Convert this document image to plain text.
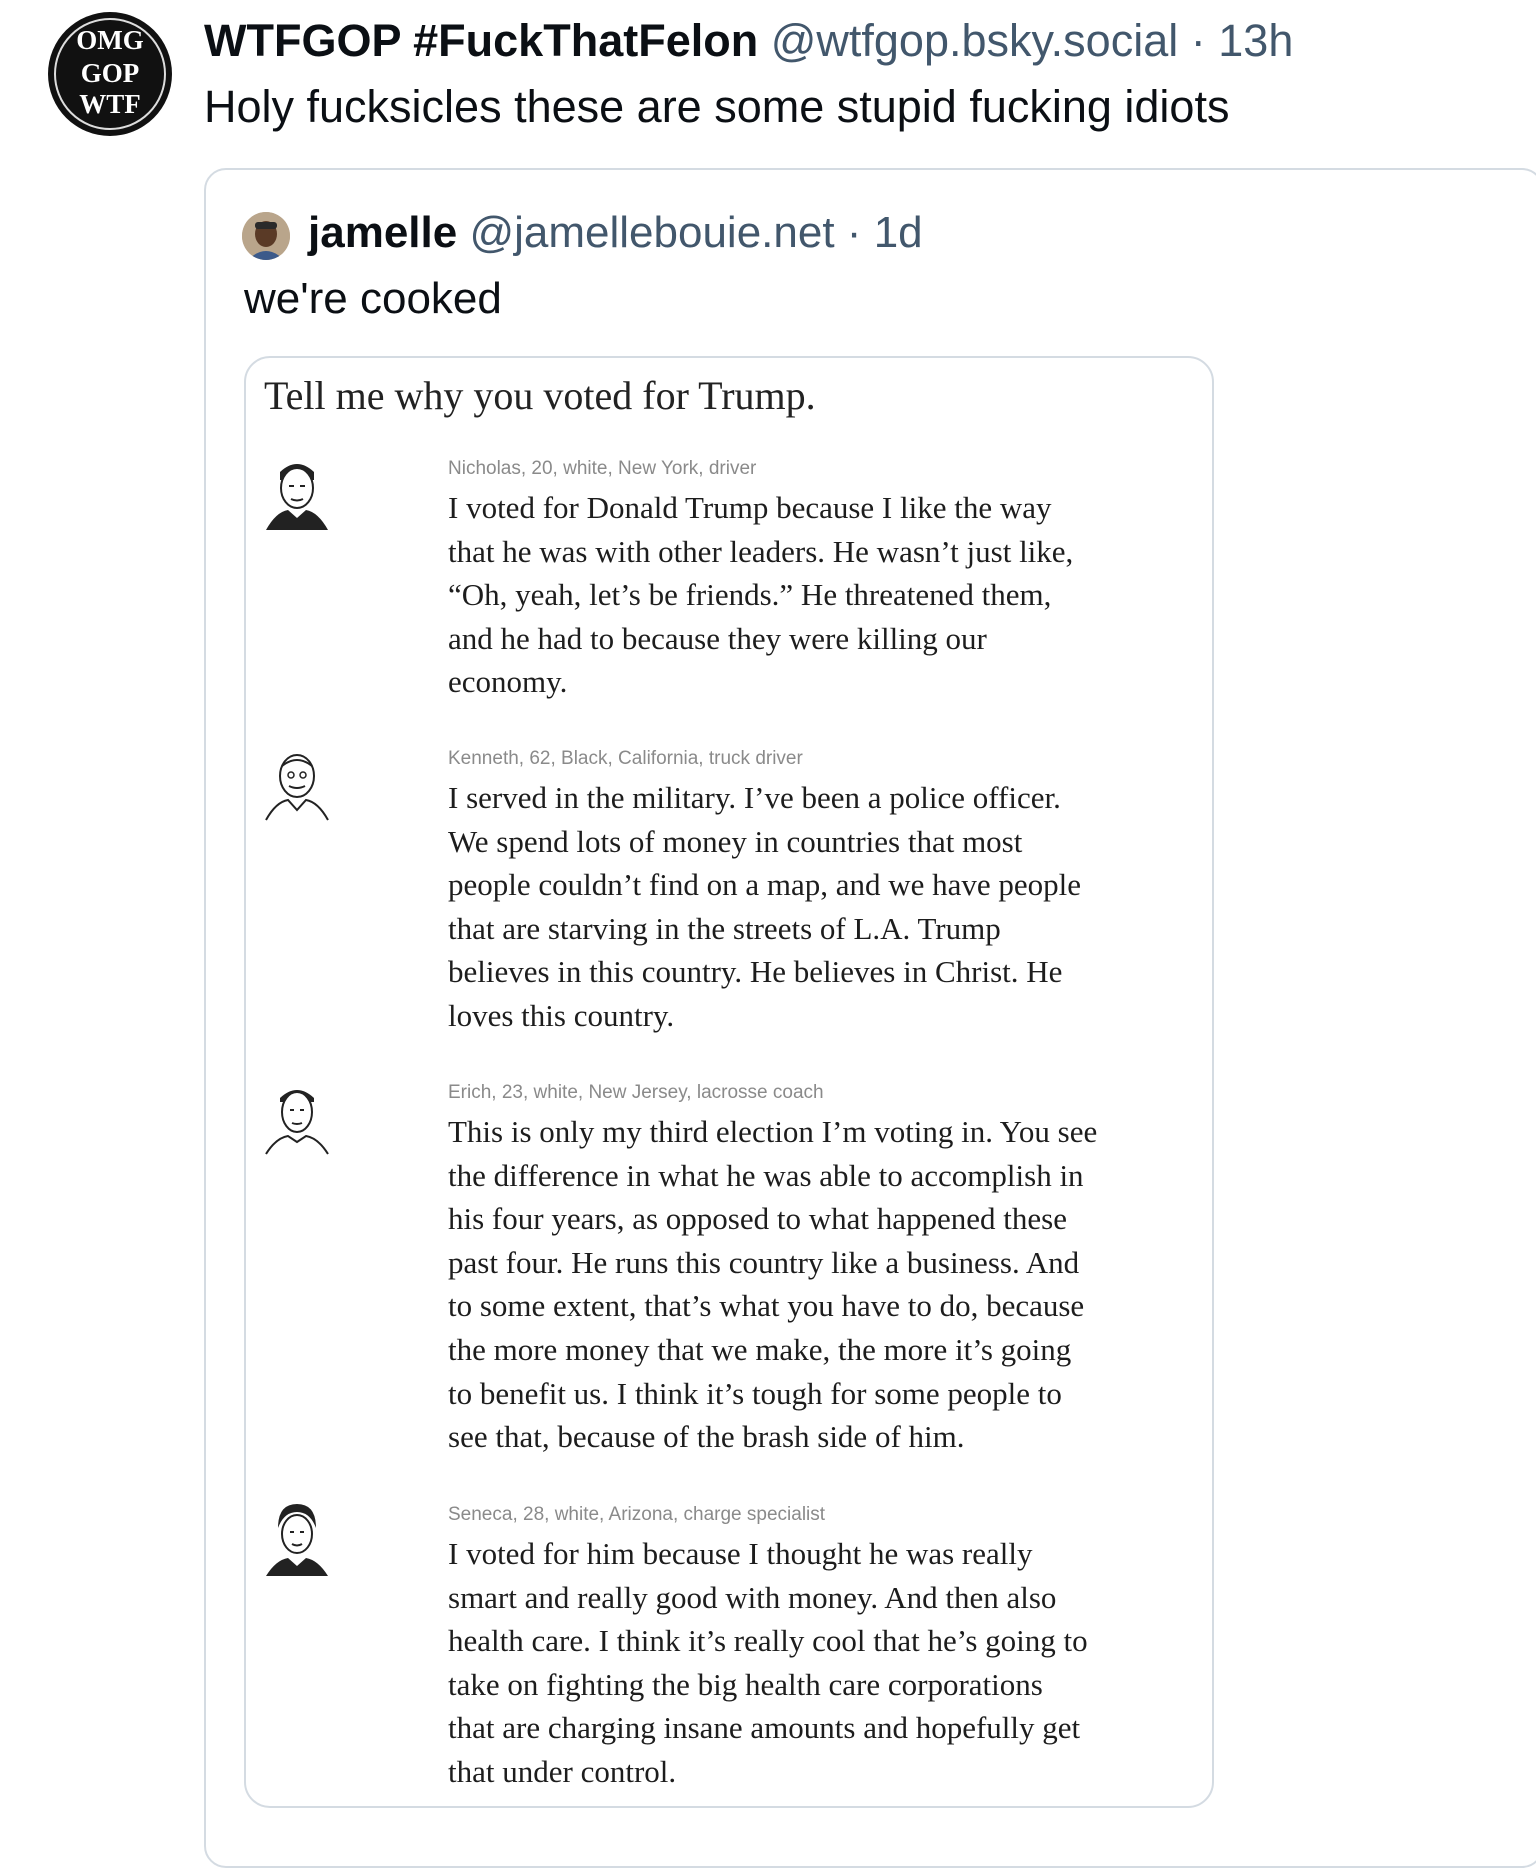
OMG
GOP
WTF
WTFGOP #FuckThatFelon @wtfgop.bsky.social · 13h
Holy fucksicles these are some stupid fucking idiots
jamelle @jamellebouie.net · 1d
we're cooked
Tell me why you voted for Trump.
Nicholas, 20, white, New York, driver
I voted for Donald Trump because I like the way
that he was with other leaders. He wasn’t just like,
“Oh, yeah, let’s be friends.” He threatened them,
and he had to because they were killing our
economy.
Kenneth, 62, Black, California, truck driver
I served in the military. I’ve been a police officer.
We spend lots of money in countries that most
people couldn’t find on a map, and we have people
that are starving in the streets of L.A. Trump
believes in this country. He believes in Christ. He
loves this country.
Erich, 23, white, New Jersey, lacrosse coach
This is only my third election I’m voting in. You see
the difference in what he was able to accomplish in
his four years, as opposed to what happened these
past four. He runs this country like a business. And
to some extent, that’s what you have to do, because
the more money that we make, the more it’s going
to benefit us. I think it’s tough for some people to
see that, because of the brash side of him.
Seneca, 28, white, Arizona, charge specialist
I voted for him because I thought he was really
smart and really good with money. And then also
health care. I think it’s really cool that he’s going to
take on fighting the big health care corporations
that are charging insane amounts and hopefully get
that under control.
